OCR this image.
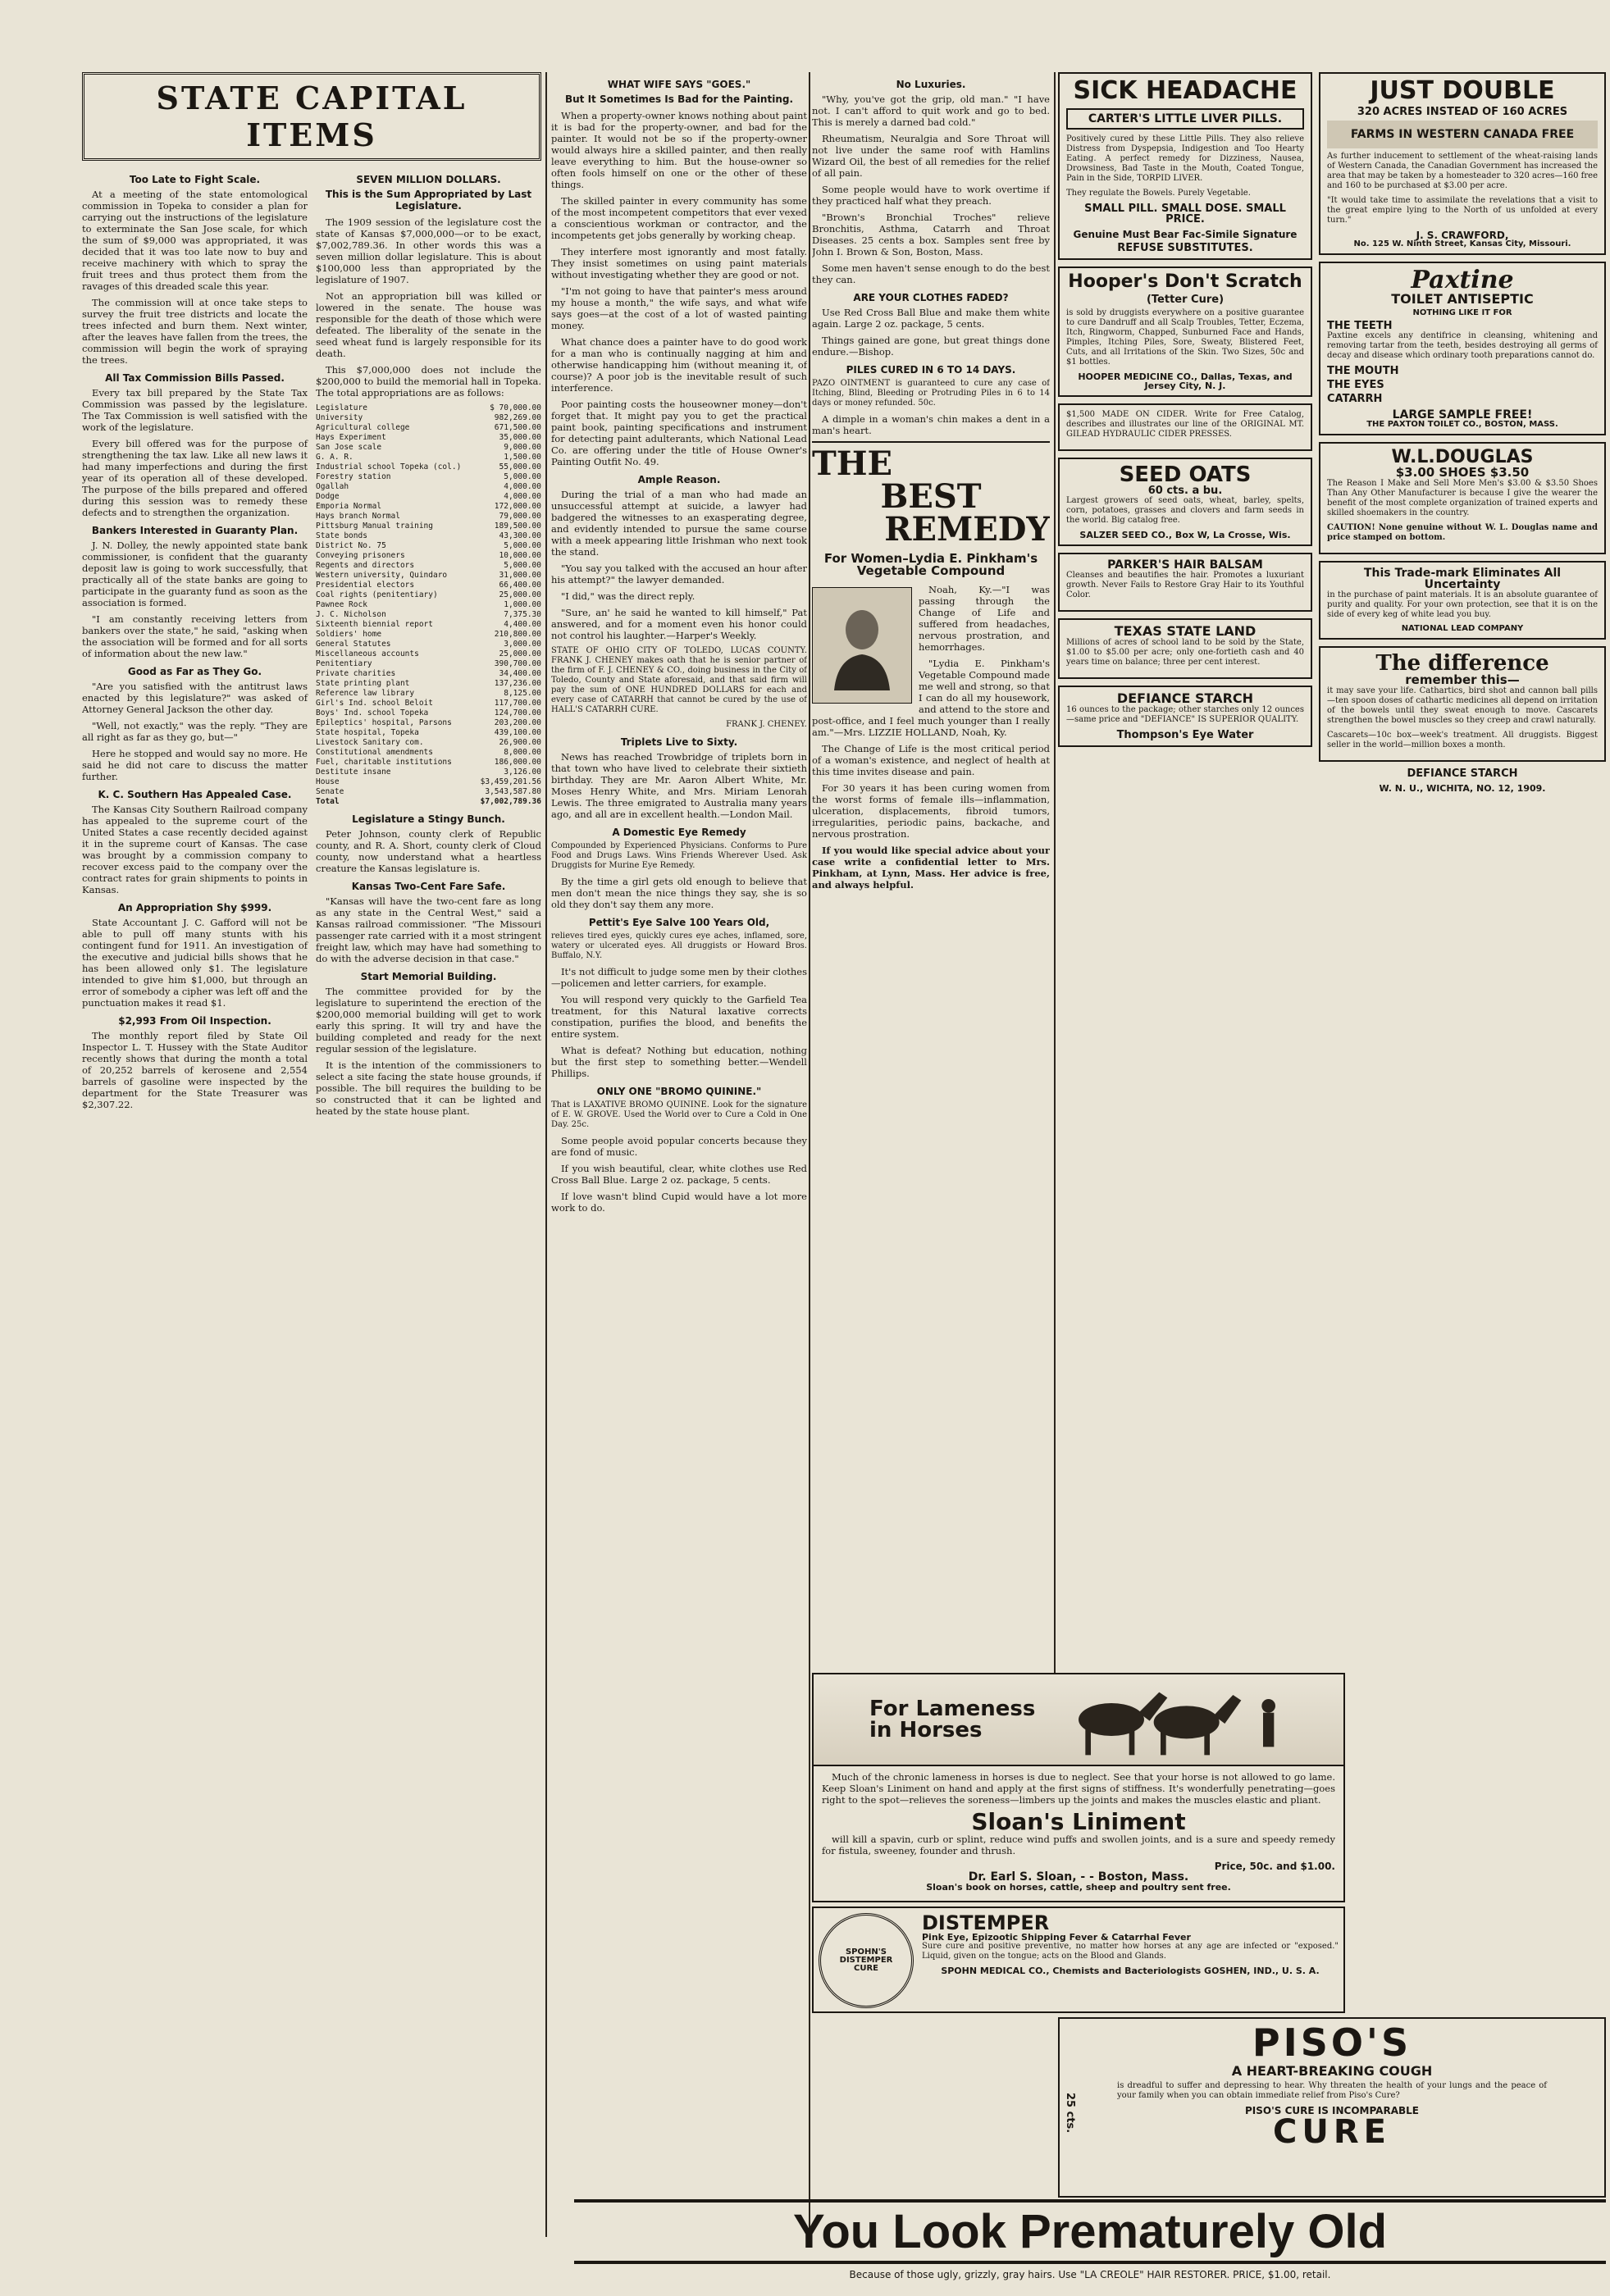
STATE CAPITAL ITEMS
Too Late to Fight Scale.

At a meeting of the state entomological commission in Topeka to consider a plan for carrying out the instructions of the legislature to exterminate the San Jose scale, for which the sum of $9,000 was appropriated, it was decided that it was too late now to buy and receive machinery with which to spray the fruit trees and thus protect them from the ravages of this dreaded scale this year.

The commission will at once take steps to survey the fruit tree districts and locate the trees infected and burn them. Next winter, after the leaves have fallen from the trees, the commission will begin the work of spraying the trees.

All Tax Commission Bills Passed.

Every tax bill prepared by the State Tax Commission was passed by the legislature. The Tax Commission is well satisfied with the work of the legislature.

Every bill offered was for the purpose of strengthening the tax law. Like all new laws it had many imperfections and during the first year of its operation all of these developed. The purpose of the bills prepared and offered during this session was to remedy these defects and to strengthen the organization.

Bankers Interested in Guaranty Plan.

J. N. Dolley, the newly appointed state bank commissioner, is confident that the guaranty deposit law is going to work successfully, that practically all of the state banks are going to participate in the guaranty fund as soon as the association is formed.

"I am constantly receiving letters from bankers over the state," he said, "asking when the association will be formed and for all sorts of information about the new law."

Good as Far as They Go.

"Are you satisfied with the antitrust laws enacted by this legislature?" was asked of Attorney General Jackson the other day.

"Well, not exactly," was the reply. "They are all right as far as they go, but—"

Here he stopped and would say no more. He said he did not care to discuss the matter further.

K. C. Southern Has Appealed Case.

The Kansas City Southern Railroad company has appealed to the supreme court of the United States a case recently decided against it in the supreme court of Kansas. The case was brought by a commission company to recover excess paid to the company over the contract rates for grain shipments to points in Kansas.

An Appropriation Shy $999.

State Accountant J. C. Gafford will not be able to pull off many stunts with his contingent fund for 1911. An investigation of the executive and judicial bills shows that he has been allowed only $1. The legislature intended to give him $1,000, but through an error of somebody a cipher was left off and the punctuation makes it read $1.

$2,993 From Oil Inspection.

The monthly report filed by State Oil Inspector L. T. Hussey with the State Auditor recently shows that during the month a total of 20,252 barrels of kerosene and 2,554 barrels of gasoline were inspected by the department for the State Treasurer was $2,307.22.

SEVEN MILLION DOLLARS.
This is the Sum Appropriated by Last Legislature.

The 1909 session of the legislature cost the state of Kansas $7,000,000—or to be exact, $7,002,789.36. In other words this was a seven million dollar legislature. This is about $100,000 less than appropriated by the legislature of 1907.

Not an appropriation bill was killed or lowered in the senate. The house was responsible for the death of those which were defeated. The liberality of the senate in the seed wheat fund is largely responsible for its death.

This $7,000,000 does not include the $200,000 to build the memorial hall in Topeka. The total appropriations are as follows:

Legislature	$ 70,000.00
University	982,269.00
Agricultural college	671,500.00
Hays Experiment	35,000.00
San Jose scale	9,000.00
G. A. R.	1,500.00
Industrial school Topeka (col.)	55,000.00
Forestry station	5,000.00
Ogallah	4,000.00
Dodge	4,000.00
Emporia Normal	172,000.00
Hays branch Normal	79,000.00
Pittsburg Manual training	189,500.00
State bonds	43,300.00
District No. 75	5,000.00
Conveying prisoners	10,000.00
Regents and directors	5,000.00
Western university, Quindaro	31,000.00
Presidential electors	66,400.00
Coal rights (penitentiary)	25,000.00
Pawnee Rock	1,000.00
J. C. Nicholson	7,375.30
Sixteenth biennial report	4,400.00
Soldiers' home	210,800.00
General Statutes	3,000.00
Miscellaneous accounts	25,000.00
Penitentiary	390,700.00
Private charities	34,400.00
State printing plant	137,236.00
Reference law library	8,125.00
Girl's Ind. school Beloit	117,700.00
Boys' Ind. school Topeka	124,700.00
Epileptics' hospital, Parsons	203,200.00
State hospital, Topeka	439,100.00
Livestock Sanitary com.	26,900.00
Constitutional amendments	8,000.00
Fuel, charitable institutions	186,000.00
Destitute insane	3,126.00
House	$3,459,201.56
Senate	3,543,587.80
Total	$7,002,789.36
Legislature a Stingy Bunch.

Peter Johnson, county clerk of Republic county, and R. A. Short, county clerk of Cloud county, now understand what a heartless creature the Kansas legislature is.

Kansas Two-Cent Fare Safe.

"Kansas will have the two-cent fare as long as any state in the Central West," said a Kansas railroad commissioner. "The Missouri passenger rate carried with it a most stringent freight law, which may have had something to do with the adverse decision in that case."

Start Memorial Building.

The committee provided for by the legislature to superintend the erection of the $200,000 memorial building will get to work early this spring. It will try and have the building completed and ready for the next regular session of the legislature.

It is the intention of the commissioners to select a site facing the state house grounds, if possible. The bill requires the building to be so constructed that it can be lighted and heated by the state house plant.

WHAT WIFE SAYS "GOES."
But It Sometimes Is Bad for the Painting.

When a property-owner knows nothing about paint it is bad for the property-owner, and bad for the painter. It would not be so if the property-owner would always hire a skilled painter, and then really leave everything to him. But the house-owner so often fools himself on one or the other of these things.

The skilled painter in every community has some of the most incompetent competitors that ever vexed a conscientious workman or contractor, and the incompetents get jobs generally by working cheap.

They interfere most ignorantly and most fatally. They insist sometimes on using paint materials without investigating whether they are good or not.

"I'm not going to have that painter's mess around my house a month," the wife says, and what wife says goes—at the cost of a lot of wasted painting money.

What chance does a painter have to do good work for a man who is continually nagging at him and otherwise handicapping him (without meaning it, of course)? A poor job is the inevitable result of such interference.

Poor painting costs the houseowner money—don't forget that. It might pay you to get the practical paint book, painting specifications and instrument for detecting paint adulterants, which National Lead Co. are offering under the title of House Owner's Painting Outfit No. 49.

Ample Reason.

During the trial of a man who had made an unsuccessful attempt at suicide, a lawyer had badgered the witnesses to an exasperating degree, and evidently intended to pursue the same course with a meek appearing little Irishman who next took the stand.

"You say you talked with the accused an hour after his attempt?" the lawyer demanded.

"I did," was the direct reply.

"Sure, an' he said he wanted to kill himself," Pat answered, and for a moment even his honor could not control his laughter.—Harper's Weekly.

STATE OF OHIO CITY OF TOLEDO, LUCAS COUNTY. FRANK J. CHENEY makes oath that he is senior partner of the firm of F. J. CHENEY & CO., doing business in the City of Toledo, County and State aforesaid, and that said firm will pay the sum of ONE HUNDRED DOLLARS for each and every case of CATARRH that cannot be cured by the use of HALL'S CATARRH CURE.

FRANK J. CHENEY.

Triplets Live to Sixty.

News has reached Trowbridge of triplets born in that town who have lived to celebrate their sixtieth birthday. They are Mr. Aaron Albert White, Mr. Moses Henry White, and Mrs. Miriam Lenorah Lewis. The three emigrated to Australia many years ago, and all are in excellent health.—London Mail.

A Domestic Eye Remedy

Compounded by Experienced Physicians. Conforms to Pure Food and Drugs Laws. Wins Friends Wherever Used. Ask Druggists for Murine Eye Remedy.

By the time a girl gets old enough to believe that men don't mean the nice things they say, she is so old they don't say them any more.

Pettit's Eye Salve 100 Years Old,

relieves tired eyes, quickly cures eye aches, inflamed, sore, watery or ulcerated eyes. All druggists or Howard Bros. Buffalo, N.Y.

It's not difficult to judge some men by their clothes—policemen and letter carriers, for example.

You will respond very quickly to the Garfield Tea treatment, for this Natural laxative corrects constipation, purifies the blood, and benefits the entire system.

What is defeat? Nothing but education, nothing but the first step to something better.—Wendell Phillips.

ONLY ONE "BROMO QUININE."

That is LAXATIVE BROMO QUININE. Look for the signature of E. W. GROVE. Used the World over to Cure a Cold in One Day. 25c.

Some people avoid popular concerts because they are fond of music.

If you wish beautiful, clear, white clothes use Red Cross Ball Blue. Large 2 oz. package, 5 cents.

If love wasn't blind Cupid would have a lot more work to do.

No Luxuries.

"Why, you've got the grip, old man." "I have not. I can't afford to quit work and go to bed. This is merely a darned bad cold."

Rheumatism, Neuralgia and Sore Throat will not live under the same roof with Hamlins Wizard Oil, the best of all remedies for the relief of all pain.

Some people would have to work overtime if they practiced half what they preach.

"Brown's Bronchial Troches" relieve Bronchitis, Asthma, Catarrh and Throat Diseases. 25 cents a box. Samples sent free by John I. Brown & Son, Boston, Mass.

Some men haven't sense enough to do the best they can.

ARE YOUR CLOTHES FADED?

Use Red Cross Ball Blue and make them white again. Large 2 oz. package, 5 cents.

Things gained are gone, but great things done endure.—Bishop.

PILES CURED IN 6 TO 14 DAYS.

PAZO OINTMENT is guaranteed to cure any case of Itching, Blind, Bleeding or Protruding Piles in 6 to 14 days or money refunded. 50c.

A dimple in a woman's chin makes a dent in a man's heart.

THE
BEST
REMEDY
For Women–Lydia E. Pinkham's Vegetable Compound

Noah, Ky.—"I was passing through the Change of Life and suffered from headaches, nervous prostration, and hemorrhages.

"Lydia E. Pinkham's Vegetable Compound made me well and strong, so that I can do all my housework, and attend to the store and post-office, and I feel much younger than I really am."—Mrs. LIZZIE HOLLAND, Noah, Ky.

The Change of Life is the most critical period of a woman's existence, and neglect of health at this time invites disease and pain.

For 30 years it has been curing women from the worst forms of female ills—inflammation, ulceration, displacements, fibroid tumors, irregularities, periodic pains, backache, and nervous prostration.

If you would like special advice about your case write a confidential letter to Mrs. Pinkham, at Lynn, Mass. Her advice is free, and always helpful.

SICK HEADACHE
CARTER'S LITTLE LIVER PILLS.

Positively cured by these Little Pills. They also relieve Distress from Dyspepsia, Indigestion and Too Hearty Eating. A perfect remedy for Dizziness, Nausea, Drowsiness, Bad Taste in the Mouth, Coated Tongue, Pain in the Side, TORPID LIVER.

They regulate the Bowels. Purely Vegetable.

SMALL PILL. SMALL DOSE. SMALL PRICE.
Genuine Must Bear Fac-Simile Signature
REFUSE SUBSTITUTES.
Hooper's Don't Scratch
(Tetter Cure)

is sold by druggists everywhere on a positive guarantee to cure Dandruff and all Scalp Troubles, Tetter, Eczema, Itch, Ringworm, Chapped, Sunburned Face and Hands, Pimples, Itching Piles, Sore, Sweaty, Blistered Feet, Cuts, and all Irritations of the Skin. Two Sizes, 50c and $1 bottles.

HOOPER MEDICINE CO., Dallas, Texas, and Jersey City, N. J.

$1,500 MADE ON CIDER. Write for Free Catalog, describes and illustrates our line of the ORIGINAL MT. GILEAD HYDRAULIC CIDER PRESSES.

SEED OATS
60 cts. a bu.

Largest growers of seed oats, wheat, barley, spelts, corn, potatoes, grasses and clovers and farm seeds in the world. Big catalog free.

SALZER SEED CO., Box W, La Crosse, Wis.
PARKER'S HAIR BALSAM

Cleanses and beautifies the hair. Promotes a luxuriant growth. Never Fails to Restore Gray Hair to its Youthful Color.

TEXAS STATE LAND

Millions of acres of school land to be sold by the State, $1.00 to $5.00 per acre; only one-fortieth cash and 40 years time on balance; three per cent interest.

DEFIANCE STARCH

16 ounces to the package; other starches only 12 ounces—same price and "DEFIANCE" IS SUPERIOR QUALITY.

Thompson's Eye Water
JUST DOUBLE
320 ACRES INSTEAD OF 160 ACRES
FARMS IN WESTERN CANADA FREE

As further inducement to settlement of the wheat-raising lands of Western Canada, the Canadian Government has increased the area that may be taken by a homesteader to 320 acres—160 free and 160 to be purchased at $3.00 per acre.

"It would take time to assimilate the revelations that a visit to the great empire lying to the North of us unfolded at every turn."

J. S. CRAWFORD,
No. 125 W. Ninth Street, Kansas City, Missouri.
Paxtine
TOILET ANTISEPTIC
NOTHING LIKE IT FOR
THE TEETH

Paxtine excels any dentifrice in cleansing, whitening and removing tartar from the teeth, besides destroying all germs of decay and disease which ordinary tooth preparations cannot do.

THE MOUTH
THE EYES
CATARRH
LARGE SAMPLE FREE!
THE PAXTON TOILET CO., BOSTON, MASS.
W.L.DOUGLAS
$3.00 SHOES $3.50

The Reason I Make and Sell More Men's $3.00 & $3.50 Shoes Than Any Other Manufacturer is because I give the wearer the benefit of the most complete organization of trained experts and skilled shoemakers in the country.

CAUTION! None genuine without W. L. Douglas name and price stamped on bottom.

This Trade-mark Eliminates All Uncertainty

in the purchase of paint materials. It is an absolute guarantee of purity and quality. For your own protection, see that it is on the side of every keg of white lead you buy.

NATIONAL LEAD COMPANY
The difference
remember this—

it may save your life. Cathartics, bird shot and cannon ball pills—ten spoon doses of cathartic medicines all depend on irritation of the bowels until they sweat enough to move. Cascarets strengthen the bowel muscles so they creep and crawl naturally.

Cascarets—10c box—week's treatment. All druggists. Biggest seller in the world—million boxes a month.

DEFIANCE STARCH
W. N. U., WICHITA, NO. 12, 1909.
For Lameness in Horses

Much of the chronic lameness in horses is due to neglect. See that your horse is not allowed to go lame. Keep Sloan's Liniment on hand and apply at the first signs of stiffness. It's wonderfully penetrating—goes right to the spot—relieves the soreness—limbers up the joints and makes the muscles elastic and pliant.

Sloan's Liniment

will kill a spavin, curb or splint, reduce wind puffs and swollen joints, and is a sure and speedy remedy for fistula, sweeney, founder and thrush.

Price, 50c. and $1.00.
Dr. Earl S. Sloan, - - Boston, Mass.
Sloan's book on horses, cattle, sheep and poultry sent free.
SPOHN'S DISTEMPER CURE
DISTEMPER
Pink Eye, Epizootic Shipping Fever & Catarrhal Fever

Sure cure and positive preventive, no matter how horses at any age are infected or "exposed." Liquid, given on the tongue; acts on the Blood and Glands.

SPOHN MEDICAL CO., Chemists and Bacteriologists GOSHEN, IND., U. S. A.
PISO'S
A HEART-BREAKING COUGH

is dreadful to suffer and depressing to hear. Why threaten the health of your lungs and the peace of your family when you can obtain immediate relief from Piso's Cure?

PISO'S CURE IS INCOMPARABLE
CURE
25 cts.
You Look Prematurely Old
Because of those ugly, grizzly, gray hairs. Use "LA CREOLE" HAIR RESTORER. PRICE, $1.00, retail.
